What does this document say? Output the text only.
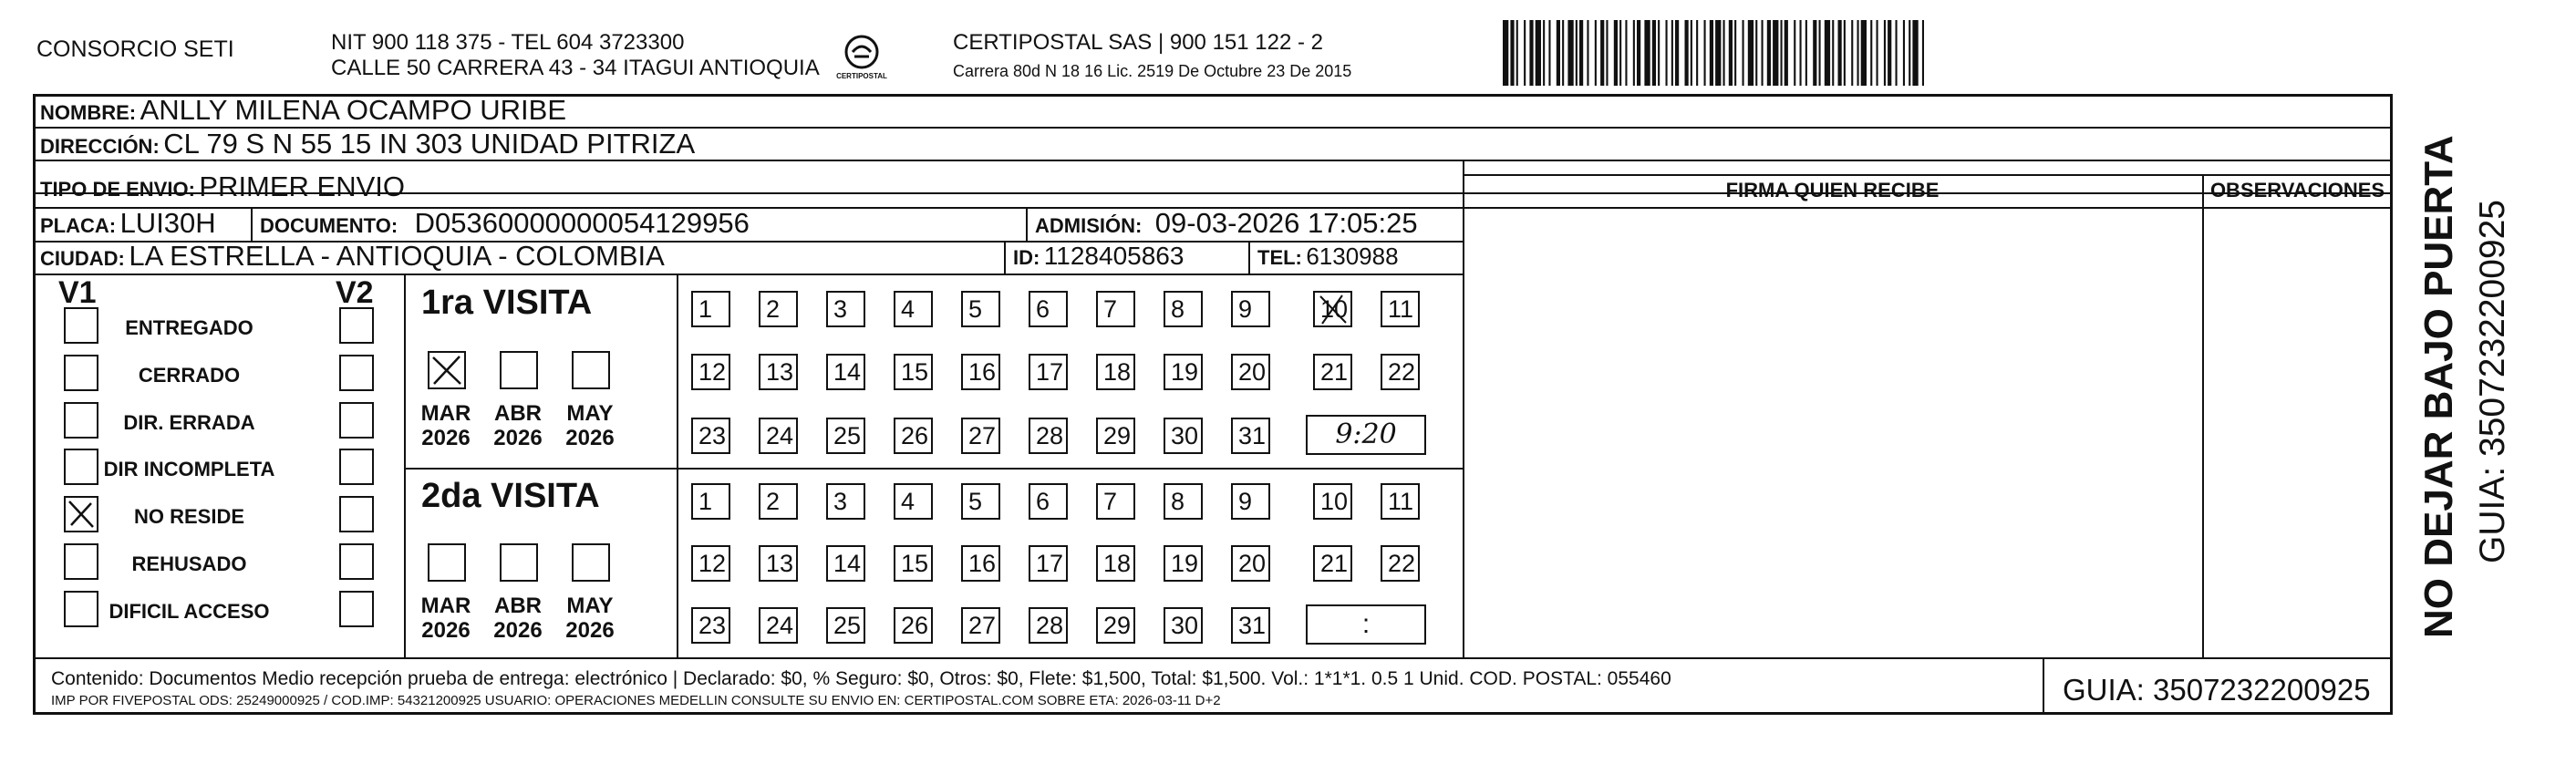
CONSORCIO SETI	NIT 900 118 375 - TEL 604 3723300
CALLE 50 CARRERA 43 - 34 ITAGUI ANTIOQUIA	CERTIPOSTAL
CERTIPOSTAL SAS | 900 151 122 - 2
Carrera 80d N 18 16 Lic. 2519 De Octubre 23 De 2015
NOMBRE: ANLLY MILENA OCAMPO URIBE
DIRECCIÓN: CL 79 S N 55 15 IN 303 UNIDAD PITRIZA
TIPO DE ENVIO: PRIMER ENVIO
PLACA: LUI30H DOCUMENTO: D05360000000054129956	ADMISIÓN: 09-03-2026 17:05:25
CIUDAD: LA ESTRELLA - ANTIOQUIA - COLOMBIA	ID: 1128405863	TEL: 6130988
FIRMA QUIEN RECIBE	OBSERVACIONES
V1	V2
ENTREGADO
CERRADO
DIR. ERRADA
DIR INCOMPLETA
NO RESIDE
REHUSADO
DIFICIL ACCESO
1ra VISITA
MAR
2026
ABR
2026
MAY
2026
1	2	3	4	5	6	7	8	9	10 11
12 13 14 15 16 17 18 19 20 21 22
23 24 25 26 27 28 29 30 31	9:20
2da VISITA
MAR
2026
ABR
2026
MAY
2026
1	2	3	4	5	6	7	8	9	10 11
12 13 14 15 16 17 18 19 20 21 22
23 24 25 26 27 28 29 30 31	:
Contenido: Documentos Medio recepción prueba de entrega: electrónico | Declarado: $0, % Seguro: $0, Otros: $0, Flete: $1,500, Total: $1,500. Vol.: 1*1*1. 0.5 1 Unid. COD. POSTAL: 055460
IMP POR FIVEPOSTAL ODS: 25249000925 / COD.IMP: 54321200925 USUARIO: OPERACIONES MEDELLIN CONSULTE SU ENVIO EN: CERTIPOSTAL.COM SOBRE ETA: 2026-03-11 D+2	GUIA: 3507232200925
NO DEJAR BAJO PUERTA GUIA: 3507232200925
